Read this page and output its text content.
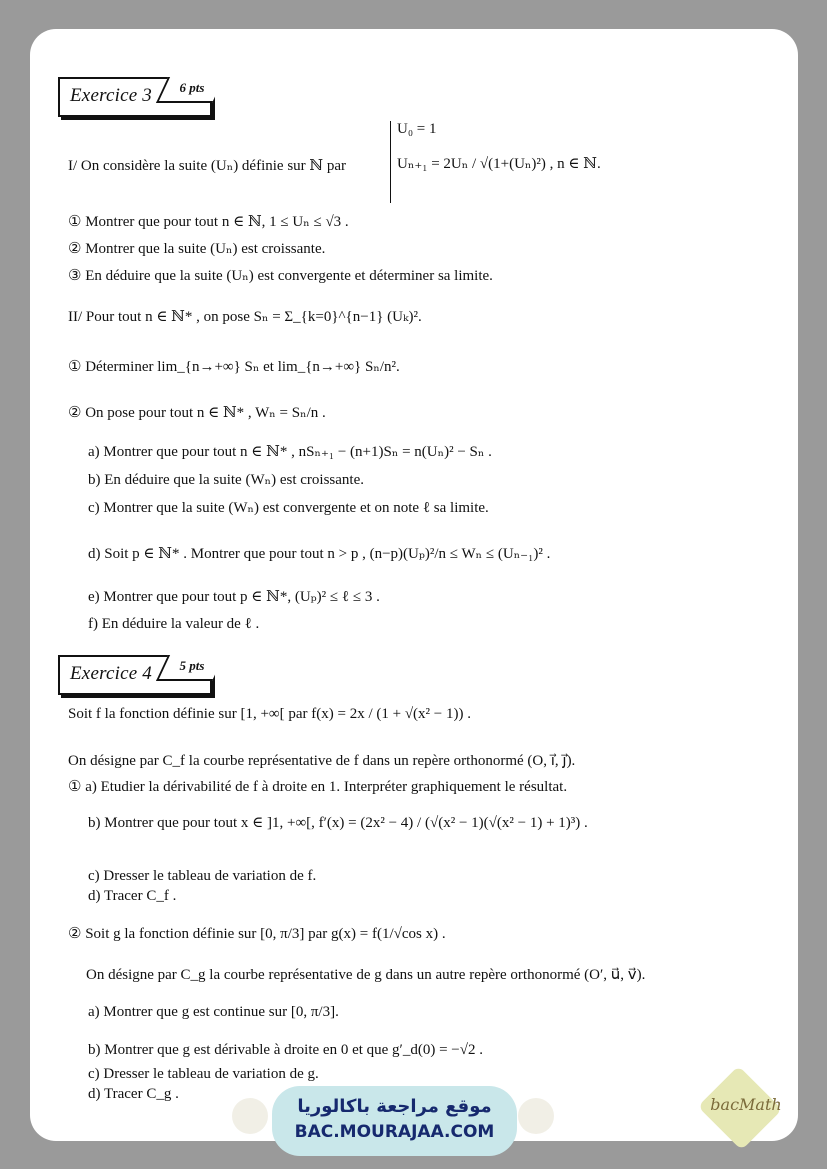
Exercice 3	6 pts
I/ On considère la suite (Uₙ) définie sur ℕ par
U₀ = 1
Uₙ₊₁ = 2Uₙ / √(1+(Uₙ)²) , n ∈ ℕ.
① Montrer que pour tout n ∈ ℕ, 1 ≤ Uₙ ≤ √3 .
② Montrer que la suite (Uₙ) est croissante.
③ En déduire que la suite (Uₙ) est convergente et déterminer sa limite.
II/ Pour tout n ∈ ℕ* , on pose Sₙ = Σ_{k=0}^{n−1} (Uₖ)².
① Déterminer lim_{n→+∞} Sₙ et lim_{n→+∞} Sₙ/n².
② On pose pour tout n ∈ ℕ* , Wₙ = Sₙ/n .
a) Montrer que pour tout n ∈ ℕ* , nSₙ₊₁ − (n+1)Sₙ = n(Uₙ)² − Sₙ .
b) En déduire que la suite (Wₙ) est croissante.
c) Montrer que la suite (Wₙ) est convergente et on note ℓ sa limite.
d) Soit p ∈ ℕ* . Montrer que pour tout n > p , (n−p)(Uₚ)²/n ≤ Wₙ ≤ (Uₙ₋₁)² .
e) Montrer que pour tout p ∈ ℕ*, (Uₚ)² ≤ ℓ ≤ 3 .
f) En déduire la valeur de ℓ .
Exercice 4	5 pts
Soit f la fonction définie sur [1, +∞[ par f(x) = 2x / (1 + √(x² − 1)) .
On désigne par C_f la courbe représentative de f dans un repère orthonormé (O, i⃗, j⃗).
① a) Etudier la dérivabilité de f à droite en 1. Interpréter graphiquement le résultat.
b) Montrer que pour tout x ∈ ]1, +∞[, f′(x) = (2x² − 4) / (√(x² − 1)(√(x² − 1) + 1)³) .
c) Dresser le tableau de variation de f.
d) Tracer C_f .
② Soit g la fonction définie sur [0, π/3] par g(x) = f(1/√cos x) .
On désigne par C_g la courbe représentative de g dans un autre repère orthonormé (O′, u⃗, v⃗).
a) Montrer que g est continue sur [0, π/3].
b) Montrer que g est dérivable à droite en 0 et que g′_d(0) = −√2 .
c) Dresser le tableau de variation de g.
d) Tracer C_g .
موقع مراجعة باكالوريا
BAC.MOURAJAA.COM
bacMath
